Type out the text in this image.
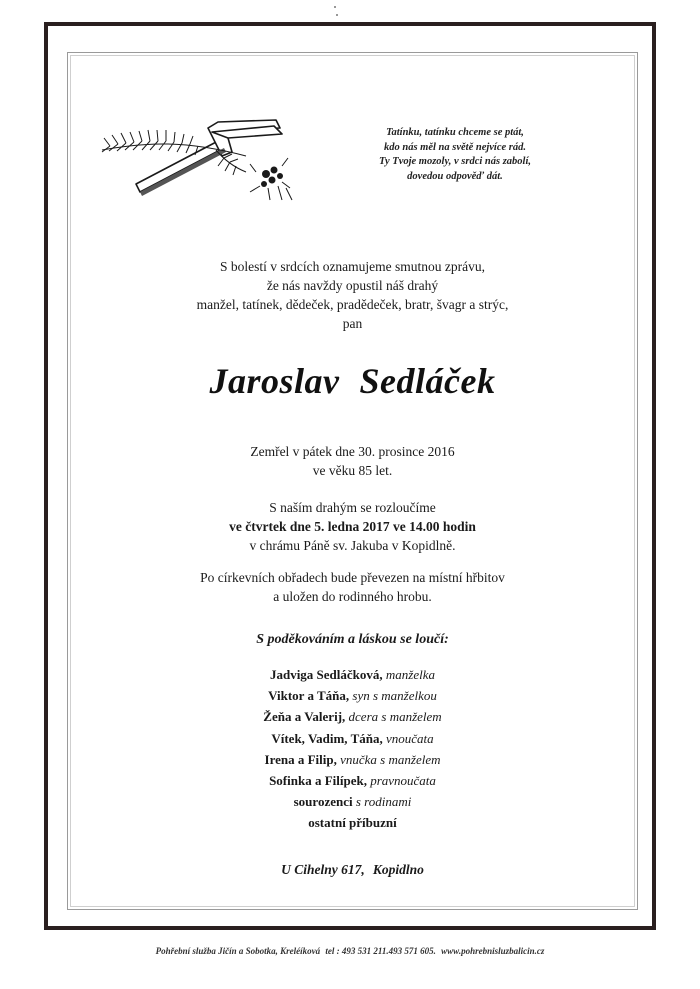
Tatínku, tatínku chceme se ptát,
kdo nás měl na světě nejvíce rád.
Ty Tvoje mozoly, v srdci nás zabolí,
dovedou odpověď dát.
S bolestí v srdcích oznamujeme smutnou zprávu,
že nás navždy opustil náš drahý
manžel, tatínek, dědeček, pradědeček, bratr, švagr a strýc,
pan
Jaroslav Sedláček
Zemřel v pátek dne 30. prosince 2016
ve věku 85 let.
S naším drahým se rozloučíme
ve čtvrtek dne 5. ledna 2017 ve 14.00 hodin
v chrámu Páně sv. Jakuba v Kopidlně.
Po církevních obřadech bude převezen na místní hřbitov
a uložen do rodinného hrobu.
S poděkováním a láskou se loučí:
Jadviga Sedláčková, manželka
Viktor a Táňa, syn s manželkou
Žeňa a Valerij, dcera s manželem
Vítek, Vadim, Táňa, vnoučata
Irena a Filip, vnučka s manželem
Sofinka a Filípek, pravnoučata
sourozenci s rodinami
ostatní příbuzní
U Cihelny 617, Kopidlno
Pohřební služba Jičín a Sobotka, Kreléíková tel : 493 531 211.493 571 605. www.pohrebnisluzbalicin.cz
